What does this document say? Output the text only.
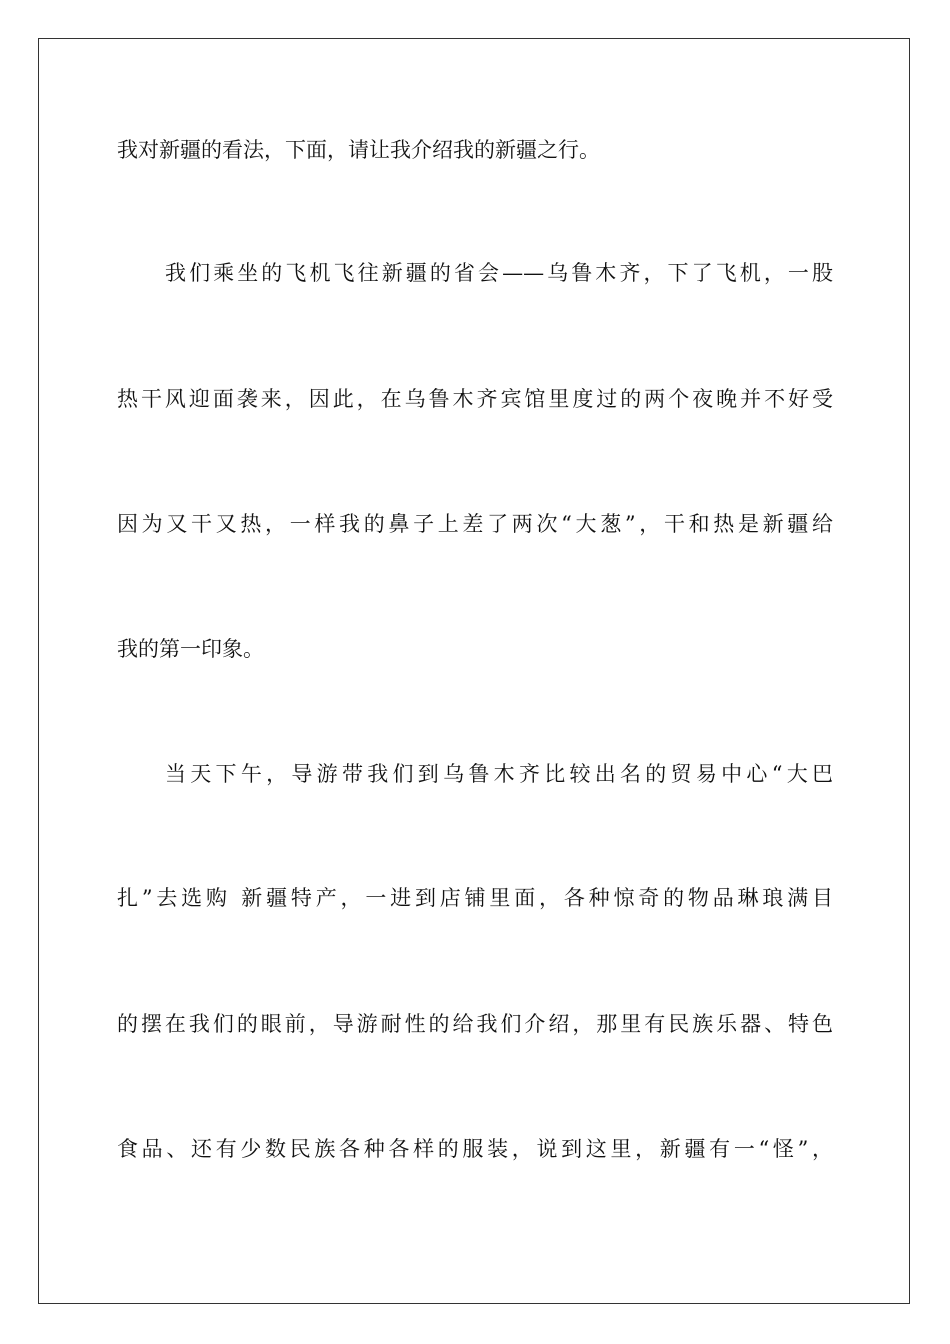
我对新疆的看法，下面，请让我介绍我的新疆之行。

我们乘坐的飞机飞往新疆的省会——乌鲁木齐，下了飞机，一股

热干风迎面袭来，因此，在乌鲁木齐宾馆里度过的两个夜晚并不好受

因为又干又热，一样我的鼻子上差了两次“大葱”，干和热是新疆给

我的第一印象。

当天下午，导游带我们到乌鲁木齐比较出名的贸易中心“大巴

扎”去选购 新疆特产，一进到店铺里面，各种惊奇的物品琳琅满目

的摆在我们的眼前，导游耐性的给我们介绍，那里有民族乐器、特色

食品、还有少数民族各种各样的服装，说到这里，新疆有一“怪”，
